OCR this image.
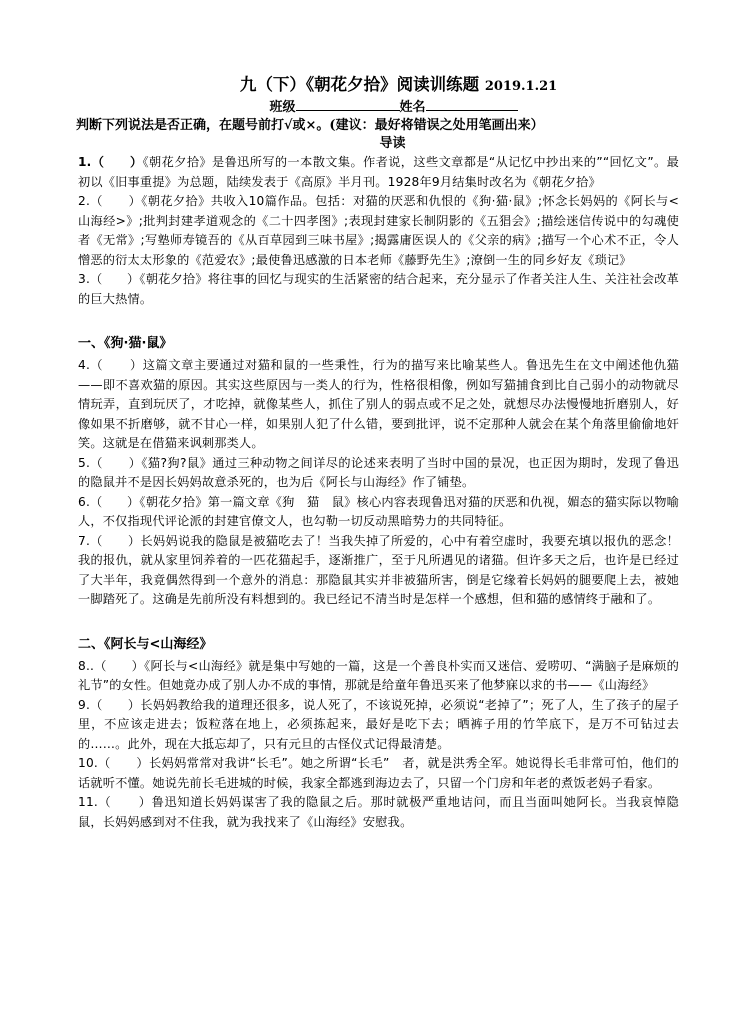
九（下）《朝花夕拾》阅读训练题 2019.1.21
班级	姓名
判断下列说法是否正确，在题号前打√或×。(建议：最好将错误之处用笔画出来）
导读
1.（ ）《朝花夕拾》是鲁迅所写的一本散文集。作者说，这些文章都是“从记忆中抄出来的”“回忆文”。最初以《旧事重提》为总题，陆续发表于《高原》半月刊。1928年9月结集时改名为《朝花夕拾》
2.（ ）《朝花夕拾》共收入10篇作品。包括：对猫的厌恶和仇恨的《狗·猫·鼠》;怀念长妈妈的《阿长与<山海经>》;批判封建孝道观念的《二十四孝图》;表现封建家长制阴影的《五猖会》;描绘迷信传说中的勾魂使者《无常》;写塾师寿镜吾的《从百草园到三味书屋》;揭露庸医误人的《父亲的病》;描写一个心术不正，令人憎恶的衍太太形象的《范爱农》;最使鲁迅感激的日本老师《藤野先生》;潦倒一生的同乡好友《琐记》
3.（ ）《朝花夕拾》将往事的回忆与现实的生活紧密的结合起来，充分显示了作者关注人生、关注社会改革的巨大热情。
一、《狗·猫·鼠》
4.（ ）这篇文章主要通过对猫和鼠的一些秉性，行为的描写来比喻某些人。鲁迅先生在文中阐述他仇猫——即不喜欢猫的原因。其实这些原因与一类人的行为，性格很相像，例如写猫捕食到比自己弱小的动物就尽情玩弄，直到玩厌了，才吃掉，就像某些人，抓住了别人的弱点或不足之处，就想尽办法慢慢地折磨别人，好像如果不折磨够，就不甘心一样，如果别人犯了什么错，要到批评，说不定那种人就会在某个角落里偷偷地奸笑。这就是在借猫来讽刺那类人。
5.（ ）《猫?狗?鼠》通过三种动物之间详尽的论述来表明了当时中国的景况，也正因为期时，发现了鲁迅的隐鼠并不是因长妈妈故意杀死的，也为后《阿长与山海经》作了铺垫。
6.（ ）《朝花夕拾》第一篇文章《狗　猫　鼠》核心内容表现鲁迅对猫的厌恶和仇视，媚态的猫实际以物喻人，不仅指现代评论派的封建官僚文人，也勾勒一切反动黑暗势力的共同特征。
7.（ ）长妈妈说我的隐鼠是被猫吃去了！当我失掉了所爱的，心中有着空虚时，我要充填以报仇的恶念！我的报仇，就从家里饲养着的一匹花猫起手，逐渐推广，至于凡所遇见的诸猫。但许多天之后，也许是已经过了大半年，我竟偶然得到一个意外的消息：那隐鼠其实并非被猫所害，倒是它缘着长妈妈的腿要爬上去，被她一脚踏死了。这确是先前所没有料想到的。我已经记不清当时是怎样一个感想，但和猫的感情终于融和了。
二、《阿长与<山海经》
8..（ ）《阿长与<山海经》就是集中写她的一篇，这是一个善良朴实而又迷信、爱唠叨、“满脑子是麻烦的礼节”的女性。但她竟办成了别人办不成的事情，那就是给童年鲁迅买来了他梦寐以求的书——《山海经》
9.（ ）长妈妈教给我的道理还很多，说人死了，不该说死掉，必须说“老掉了”；死了人，生了孩子的屋子里，不应该走进去；饭粒落在地上，必须拣起来，最好是吃下去；晒裤子用的竹竿底下，是万不可钻过去的……。此外，现在大抵忘却了，只有元旦的古怪仪式记得最清楚。
10.（ ）长妈妈常常对我讲“长毛”。她之所谓“长毛”　者，就是洪秀全军。她说得长毛非常可怕，他们的话就听不懂。她说先前长毛进城的时候，我家全都逃到海边去了，只留一个门房和年老的煮饭老妈子看家。
11.（ ）鲁迅知道长妈妈谋害了我的隐鼠之后。那时就极严重地诘问，而且当面叫她阿长。当我哀悼隐鼠，长妈妈感到对不住我，就为我找来了《山海经》安慰我。
